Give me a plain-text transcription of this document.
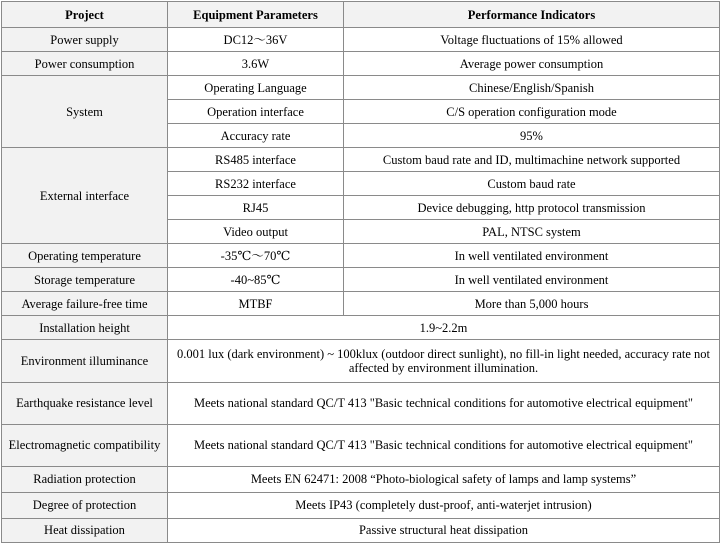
Project	Equipment Parameters	Performance Indicators
Power supply	DC12～36V	Voltage fluctuations of 15% allowed
Power consumption	3.6W	Average power consumption
System	Operating Language	Chinese/English/Spanish
	Operation interface	C/S operation configuration mode
	Accuracy rate	95%
External interface	RS485 interface	Custom baud rate and ID, multimachine network supported
	RS232 interface	Custom baud rate
	RJ45	Device debugging, http protocol transmission
	Video output	PAL, NTSC system
Operating temperature	-35℃～70℃	In well ventilated environment
Storage temperature	-40~85℃	In well ventilated environment
Average failure-free time	MTBF	More than 5,000 hours
Installation height	1.9~2.2m	
Environment illuminance	0.001 lux (dark environment) ~ 100klux (outdoor direct sunlight), no fill-in light needed, accuracy rate not affected by environment illumination.	
Earthquake resistance level	Meets national standard QC/T 413 "Basic technical conditions for automotive electrical equipment"	
Electromagnetic compatibility	Meets national standard QC/T 413 "Basic technical conditions for automotive electrical equipment"	
Radiation protection	Meets EN 62471: 2008 “Photo-biological safety of lamps and lamp systems”	
Degree of protection	Meets IP43 (completely dust-proof, anti-waterjet intrusion)	
Heat dissipation	Passive structural heat dissipation	
